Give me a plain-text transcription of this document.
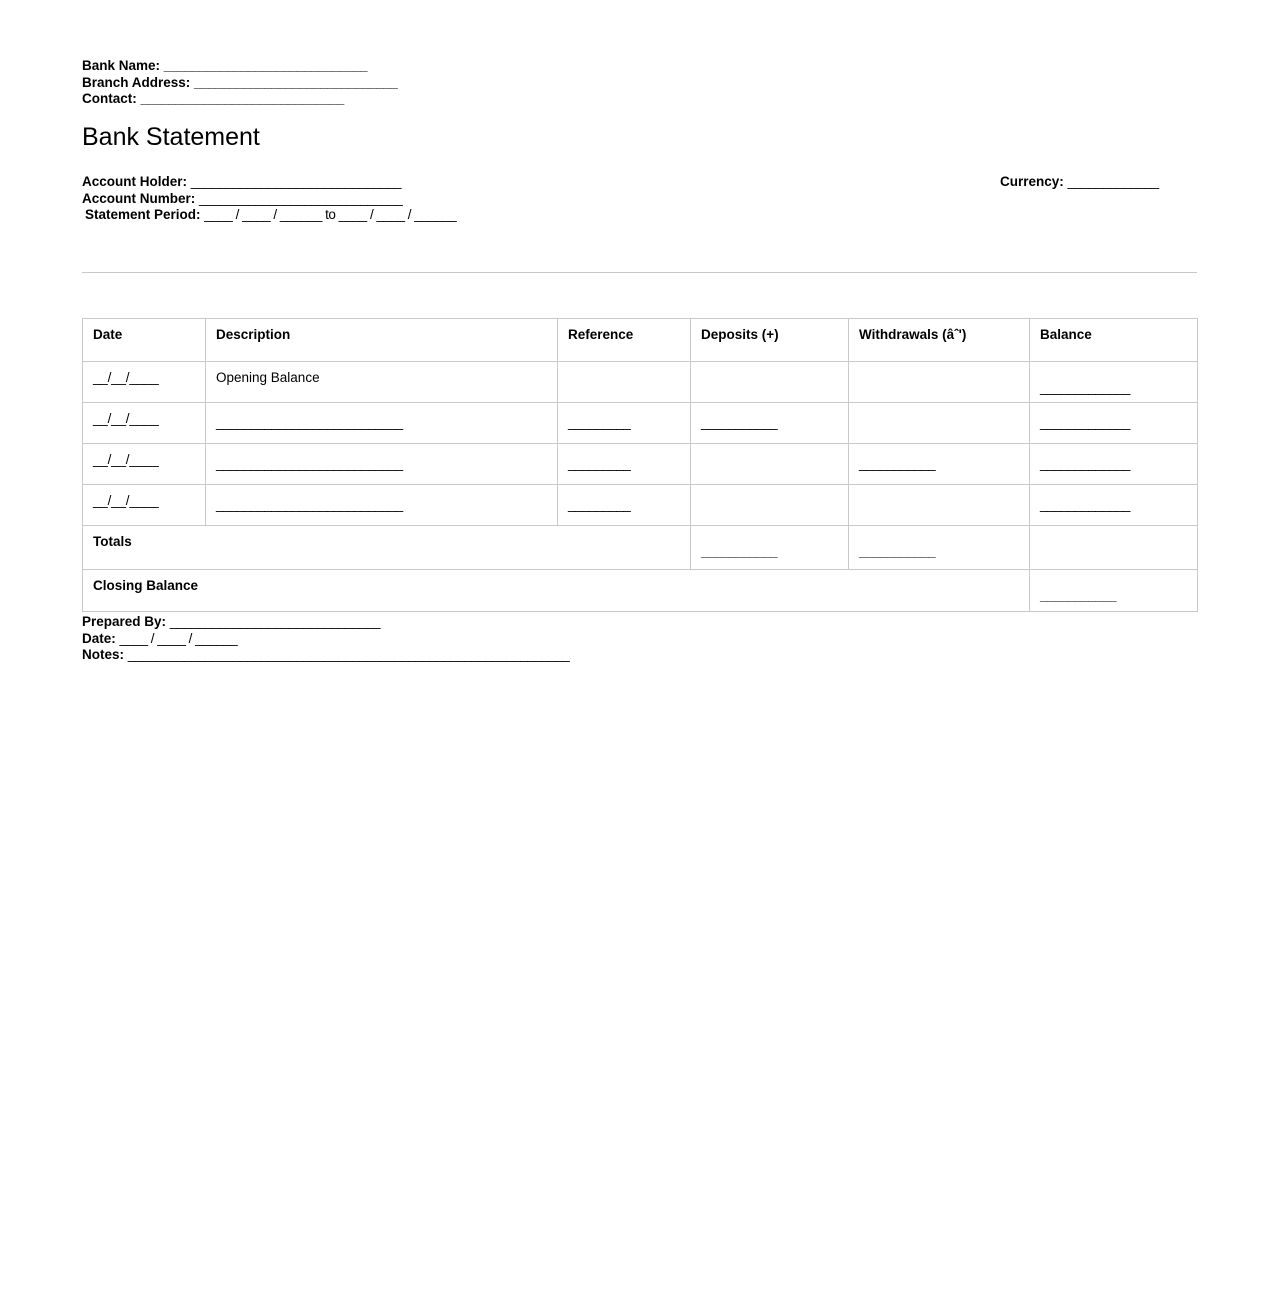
Bank Name: _____________________________
Branch Address: _____________________________
Contact: _____________________________
Bank Statement
Account Holder: ______________________________
Account Number: _____________________________
Statement Period: ____ / ____ / ______ to ____ / ____ / ______
Currency: _____________
Date	Description	Reference	Deposits (+)	Withdrawals (âˆ')	Balance

__/__/____	Opening Balance				_____________

__/__/____	___________________________	_________	___________		_____________

__/__/____	___________________________	_________		___________	_____________

__/__/____	___________________________	_________			_____________

Totals			___________	___________	

Closing Balance					___________
Prepared By: ______________________________
Date: ____ / ____ / ______
Notes: _______________________________________________________________
